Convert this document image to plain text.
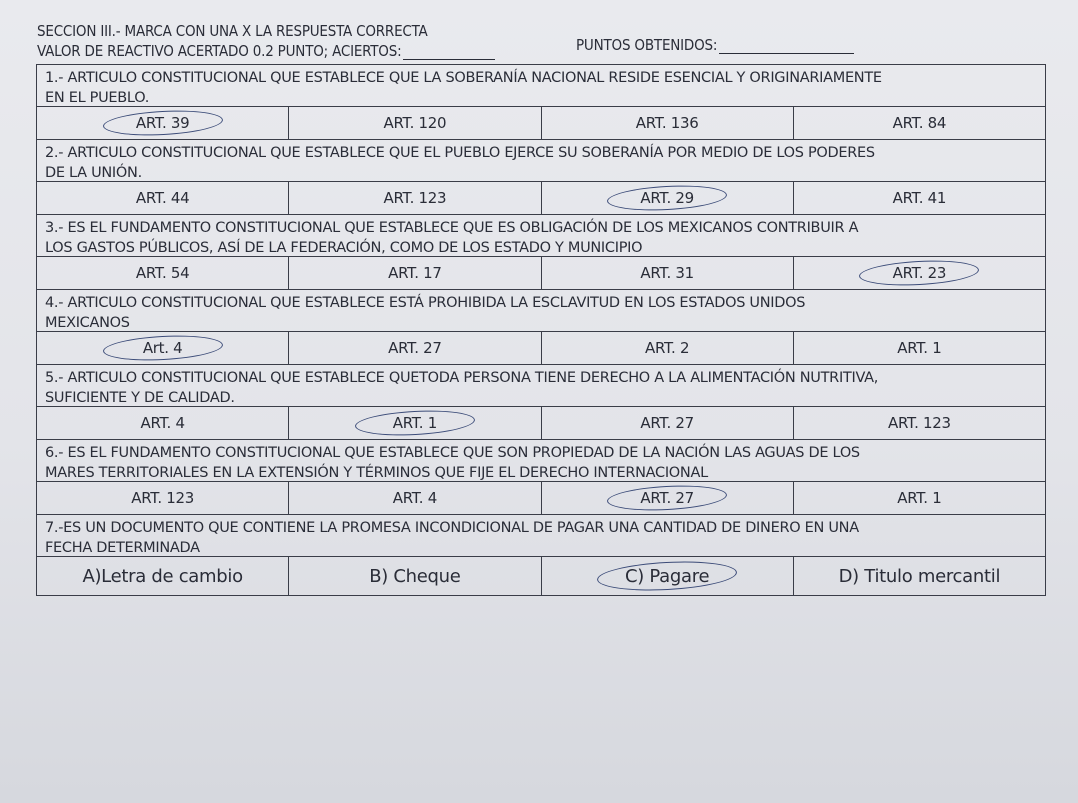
SECCION III.- MARCA CON UNA X LA RESPUESTA CORRECTA
VALOR DE REACTIVO ACERTADO 0.2 PUNTO; ACIERTOS:	PUNTOS OBTENIDOS:
1.- ARTICULO CONSTITUCIONAL QUE ESTABLECE QUE LA SOBERANÍA NACIONAL RESIDE ESENCIAL Y ORIGINARIAMENTE
EN EL PUEBLO.
ART. 39	ART. 120	ART. 136	ART. 84
2.- ARTICULO CONSTITUCIONAL QUE ESTABLECE QUE EL PUEBLO EJERCE SU SOBERANÍA POR MEDIO DE LOS PODERES
DE LA UNIÓN.
ART. 44	ART. 123	ART. 29	ART. 41
3.- ES EL FUNDAMENTO CONSTITUCIONAL QUE ESTABLECE QUE ES OBLIGACIÓN DE LOS MEXICANOS CONTRIBUIR A
LOS GASTOS PÚBLICOS, ASÍ DE LA FEDERACIÓN, COMO DE LOS ESTADO Y MUNICIPIO
ART. 54	ART. 17	ART. 31	ART. 23
4.- ARTICULO CONSTITUCIONAL QUE ESTABLECE ESTÁ PROHIBIDA LA ESCLAVITUD EN LOS ESTADOS UNIDOS
MEXICANOS
Art. 4	ART. 27	ART. 2	ART. 1
5.- ARTICULO CONSTITUCIONAL QUE ESTABLECE QUETODA PERSONA TIENE DERECHO A LA ALIMENTACIÓN NUTRITIVA,
SUFICIENTE Y DE CALIDAD.
ART. 4	ART. 1	ART. 27	ART. 123
6.- ES EL FUNDAMENTO CONSTITUCIONAL QUE ESTABLECE QUE SON PROPIEDAD DE LA NACIÓN LAS AGUAS DE LOS
MARES TERRITORIALES EN LA EXTENSIÓN Y TÉRMINOS QUE FIJE EL DERECHO INTERNACIONAL
ART. 123	ART. 4	ART. 27	ART. 1
7.-ES UN DOCUMENTO QUE CONTIENE LA PROMESA INCONDICIONAL DE PAGAR UNA CANTIDAD DE DINERO EN UNA
FECHA DETERMINADA
A)Letra de cambio	B) Cheque	C) Pagare	D) Titulo mercantil
